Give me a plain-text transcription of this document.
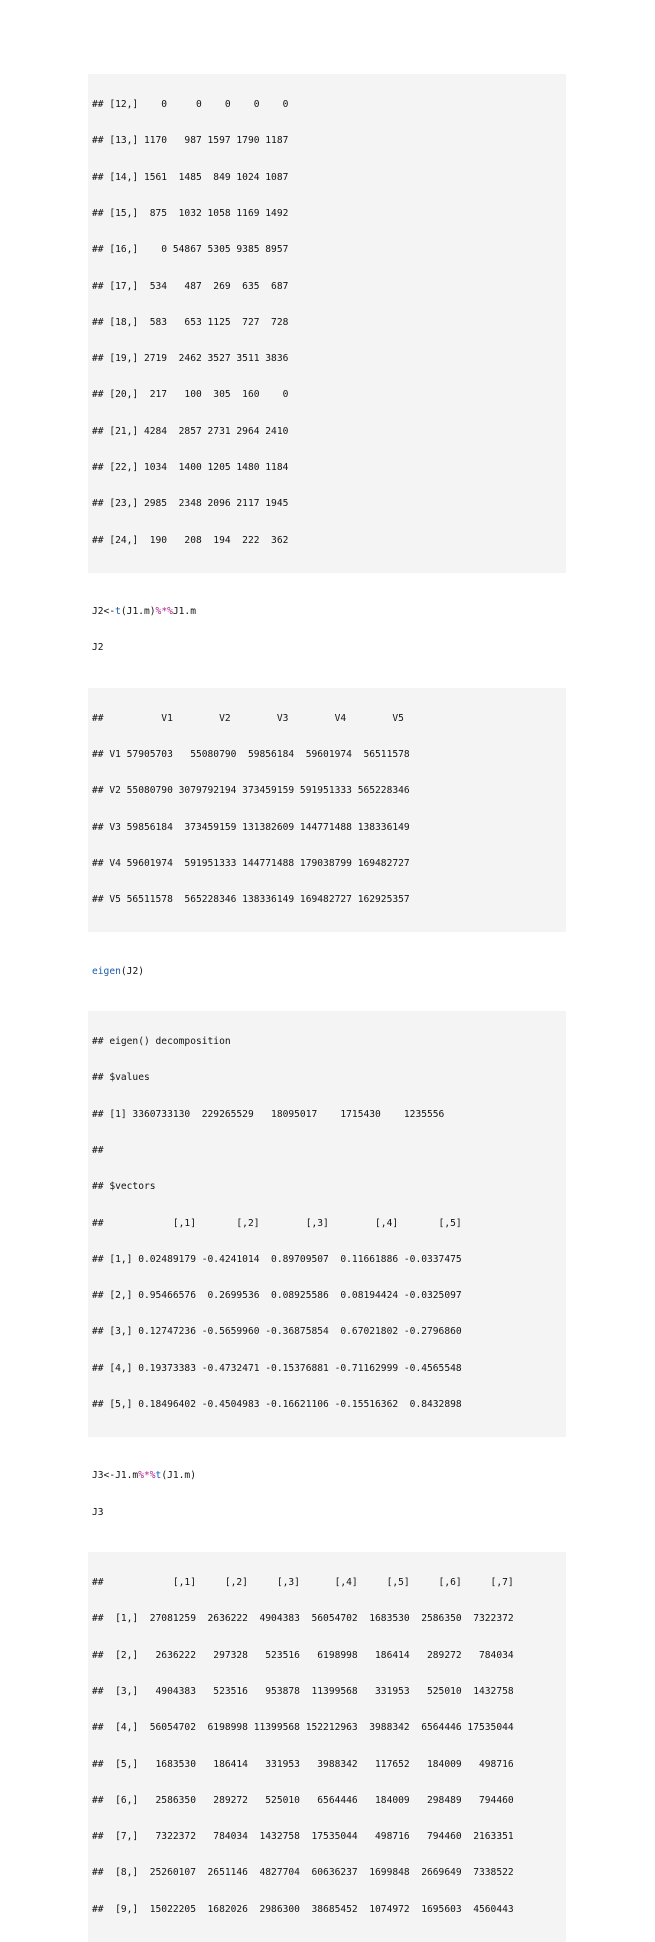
## [12,]    0     0    0    0    0

## [13,] 1170   987 1597 1790 1187

## [14,] 1561  1485  849 1024 1087

## [15,]  875  1032 1058 1169 1492

## [16,]    0 54867 5305 9385 8957

## [17,]  534   487  269  635  687

## [18,]  583   653 1125  727  728

## [19,] 2719  2462 3527 3511 3836

## [20,]  217   100  305  160    0

## [21,] 4284  2857 2731 2964 2410

## [22,] 1034  1400 1205 1480 1184

## [23,] 2985  2348 2096 2117 1945

## [24,]  190   208  194  222  362

J2<-t(J1.m)%*%J1.m

J2

##          V1        V2        V3        V4        V5

## V1 57905703   55080790  59856184  59601974  56511578

## V2 55080790 3079792194 373459159 591951333 565228346

## V3 59856184  373459159 131382609 144771488 138336149

## V4 59601974  591951333 144771488 179038799 169482727

## V5 56511578  565228346 138336149 169482727 162925357

eigen(J2)

## eigen() decomposition

## $values

## [1] 3360733130  229265529   18095017    1715430    1235556

##

## $vectors

##            [,1]       [,2]        [,3]        [,4]       [,5]

## [1,] 0.02489179 -0.4241014  0.89709507  0.11661886 -0.0337475

## [2,] 0.95466576  0.2699536  0.08925586  0.08194424 -0.0325097

## [3,] 0.12747236 -0.5659960 -0.36875854  0.67021802 -0.2796860

## [4,] 0.19373383 -0.4732471 -0.15376881 -0.71162999 -0.4565548

## [5,] 0.18496402 -0.4504983 -0.16621106 -0.15516362  0.8432898

J3<-J1.m%*%t(J1.m)

J3

##            [,1]     [,2]     [,3]      [,4]     [,5]     [,6]     [,7]

##  [1,]  27081259  2636222  4904383  56054702  1683530  2586350  7322372

##  [2,]   2636222   297328   523516   6198998   186414   289272   784034

##  [3,]   4904383   523516   953878  11399568   331953   525010  1432758

##  [4,]  56054702  6198998 11399568 152212963  3988342  6564446 17535044

##  [5,]   1683530   186414   331953   3988342   117652   184009   498716

##  [6,]   2586350   289272   525010   6564446   184009   298489   794460

##  [7,]   7322372   784034  1432758  17535044   498716   794460  2163351

##  [8,]  25260107  2651146  4827704  60636237  1699848  2669649  7338522

##  [9,]  15022205  1682026  2986300  38685452  1074972  1695603  4560443
